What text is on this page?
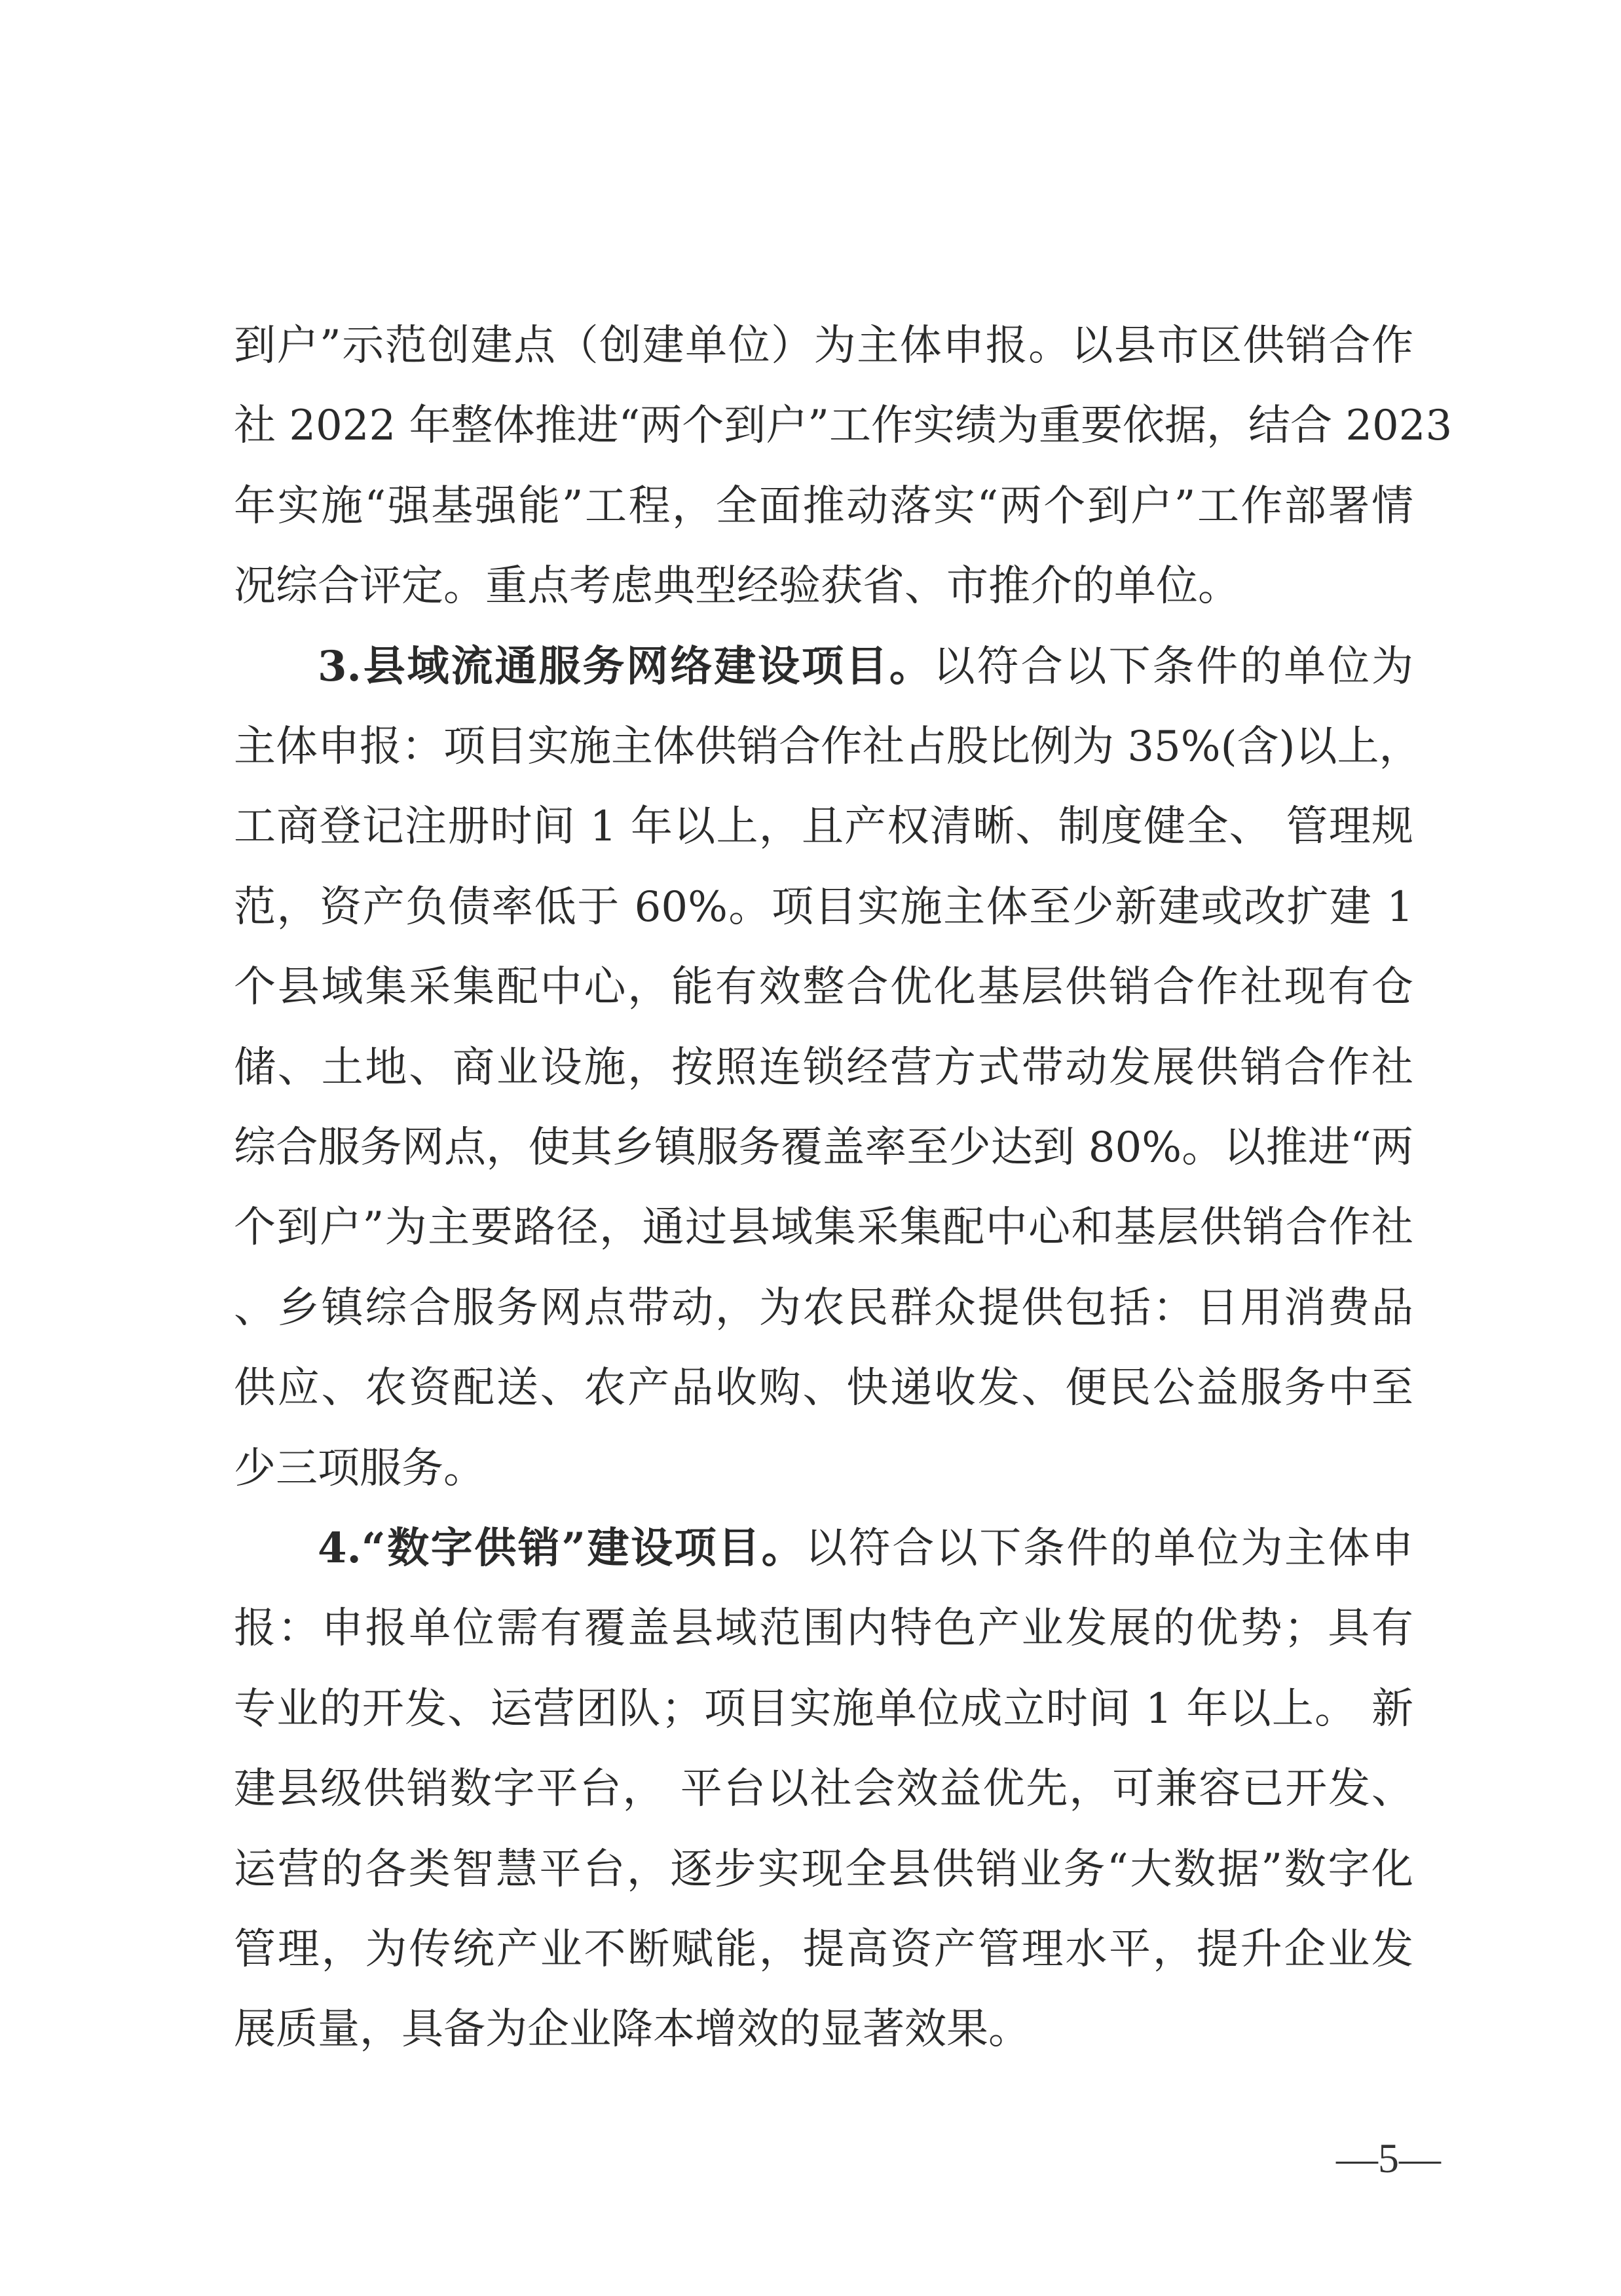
到户”示范创建点（创建单位）为主体申报。以县市区供销合作
社 2022 年整体推进“两个到户”工作实绩为重要依据，结合 2023
年实施“强基强能”工程，全面推动落实“两个到户”工作部署情
况综合评定。重点考虑典型经验获省、市推介的单位。
3.县域流通服务网络建设项目。以符合以下条件的单位为
主体申报：项目实施主体供销合作社占股比例为 35%(含)以上，
工商登记注册时间 1 年以上，且产权清晰、制度健全、 管理规
范，资产负债率低于 60%。项目实施主体至少新建或改扩建 1
个县域集采集配中心，能有效整合优化基层供销合作社现有仓
储、土地、商业设施，按照连锁经营方式带动发展供销合作社
综合服务网点，使其乡镇服务覆盖率至少达到 80%。以推进“两
个到户”为主要路径，通过县域集采集配中心和基层供销合作社
、乡镇综合服务网点带动，为农民群众提供包括：日用消费品
供应、农资配送、农产品收购、快递收发、便民公益服务中至
少三项服务。
4.“数字供销”建设项目。以符合以下条件的单位为主体申
报：申报单位需有覆盖县域范围内特色产业发展的优势；具有
专业的开发、运营团队；项目实施单位成立时间 1 年以上。 新
建县级供销数字平台， 平台以社会效益优先，可兼容已开发、
运营的各类智慧平台，逐步实现全县供销业务“大数据”数字化
管理，为传统产业不断赋能，提高资产管理水平，提升企业发
展质量，具备为企业降本增效的显著效果。
—5—
